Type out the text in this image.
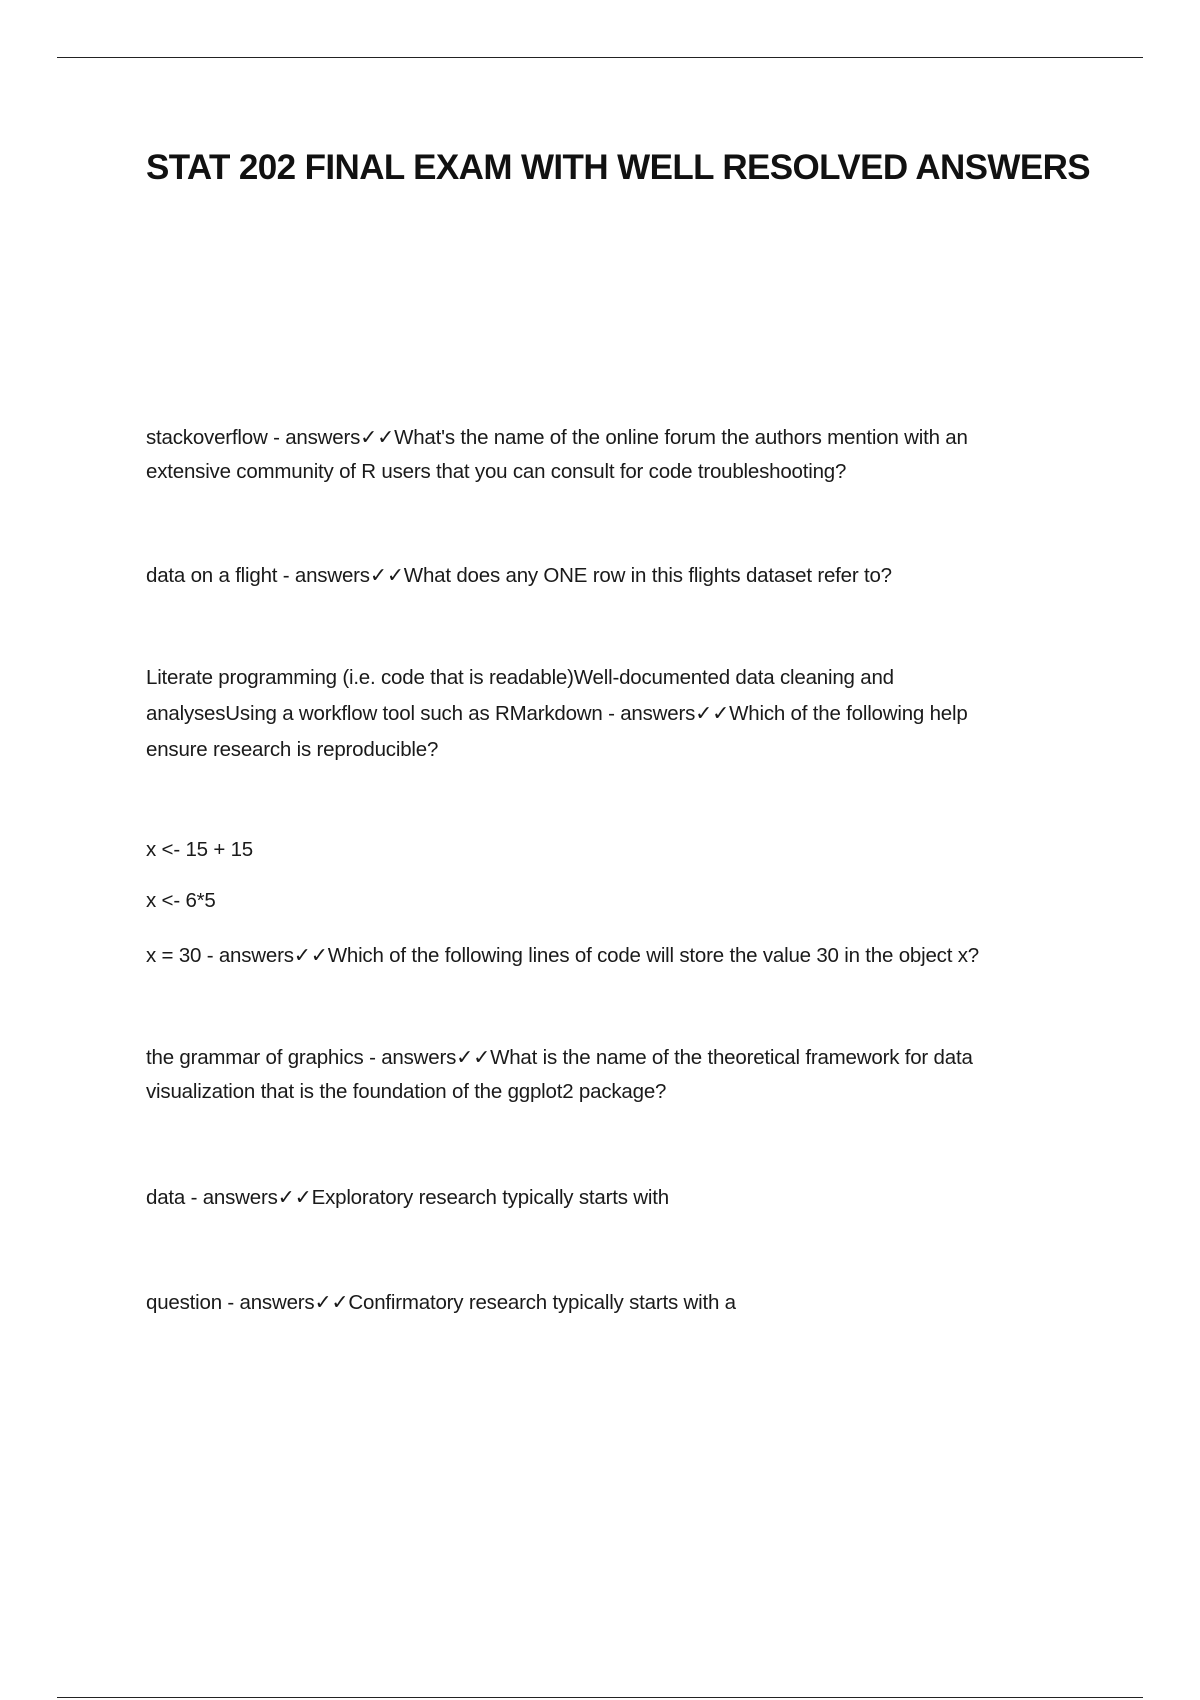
STAT 202 FINAL EXAM WITH WELL RESOLVED ANSWERS

stackoverflow - answers✓✓What's the name of the online forum the authors mention with an
extensive community of R users that you can consult for code troubleshooting?

data on a flight - answers✓✓What does any ONE row in this flights dataset refer to?

Literate programming (i.e. code that is readable)Well-documented data cleaning and
analysesUsing a workflow tool such as RMarkdown - answers✓✓Which of the following help
ensure research is reproducible?

x <- 15 + 15

x <- 6*5

x = 30 - answers✓✓Which of the following lines of code will store the value 30 in the object x?

the grammar of graphics - answers✓✓What is the name of the theoretical framework for data
visualization that is the foundation of the ggplot2 package?

data - answers✓✓Exploratory research typically starts with

question - answers✓✓Confirmatory research typically starts with a
